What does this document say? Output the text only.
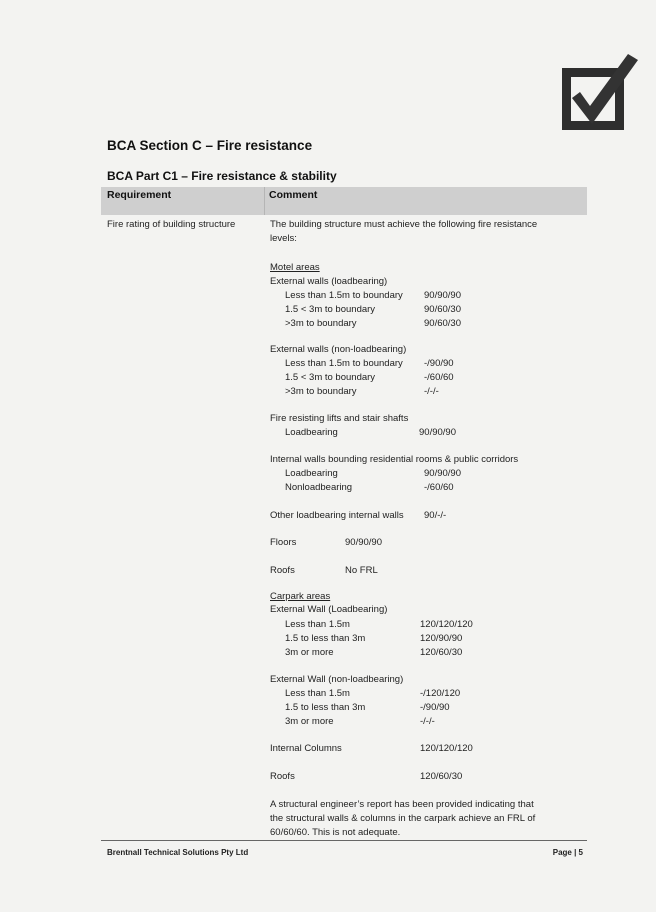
BCA Section C – Fire resistance
BCA Part C1 – Fire resistance & stability
Requirement	Comment
Fire rating of building structure	The building structure must achieve the following fire resistance
levels:
Motel areas
External walls (loadbearing)
Less than 1.5m to boundary 90/90/90
1.5 < 3m to boundary	90/60/30
>3m to boundary	90/60/30
External walls (non-loadbearing)
Less than 1.5m to boundary -/90/90
1.5 < 3m to boundary	-/60/60
>3m to boundary	-/-/-
Fire resisting lifts and stair shafts
Loadbearing	90/90/90
Internal walls bounding residential rooms & public corridors
Loadbearing	90/90/90
Nonloadbearing	-/60/60
Other loadbearing internal walls 90/-/-
Floors	90/90/90
Roofs	No FRL
Carpark areas
External Wall (Loadbearing)
Less than 1.5m	120/120/120
1.5 to less than 3m	120/90/90
3m or more	120/60/30
External Wall (non-loadbearing)
Less than 1.5m	-/120/120
1.5 to less than 3m	-/90/90
3m or more	-/-/-
Internal Columns	120/120/120
Roofs	120/60/30
A structural engineer’s report has been provided indicating that
the structural walls & columns in the carpark achieve an FRL of
60/60/60. This is not adequate.
Brentnall Technical Solutions Pty Ltd	Page | 5
